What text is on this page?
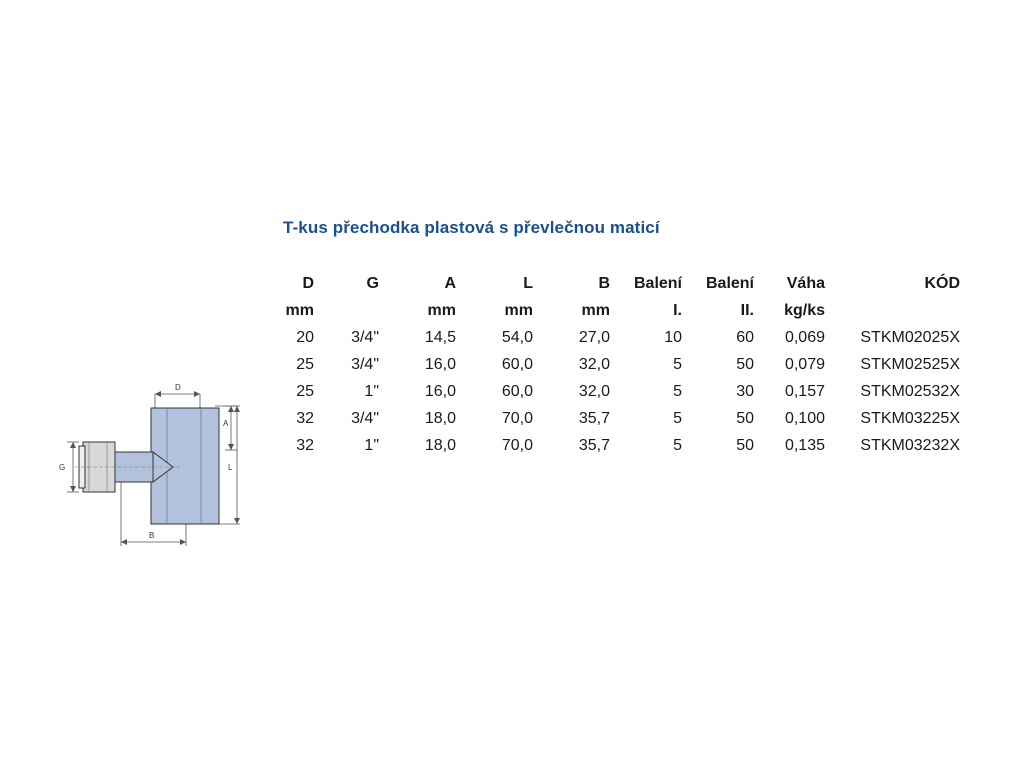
T-kus přechodka plastová s převlečnou maticí
D	G	A	L	B	Balení	Balení	Váha	KÓD
mm		mm	mm	mm	I.	II.	kg/ks	
20	3/4"	14,5	54,0	27,0	10	60	0,069	STKM02025X
25	3/4"	16,0	60,0	32,0	5	50	0,079	STKM02525X
25	1"	16,0	60,0	32,0	5	30	0,157	STKM02532X
32	3/4"	18,0	70,0	35,7	5	50	0,100	STKM03225X
32	1"	18,0	70,0	35,7	5	50	0,135	STKM03232X
D
A
L
G
B
